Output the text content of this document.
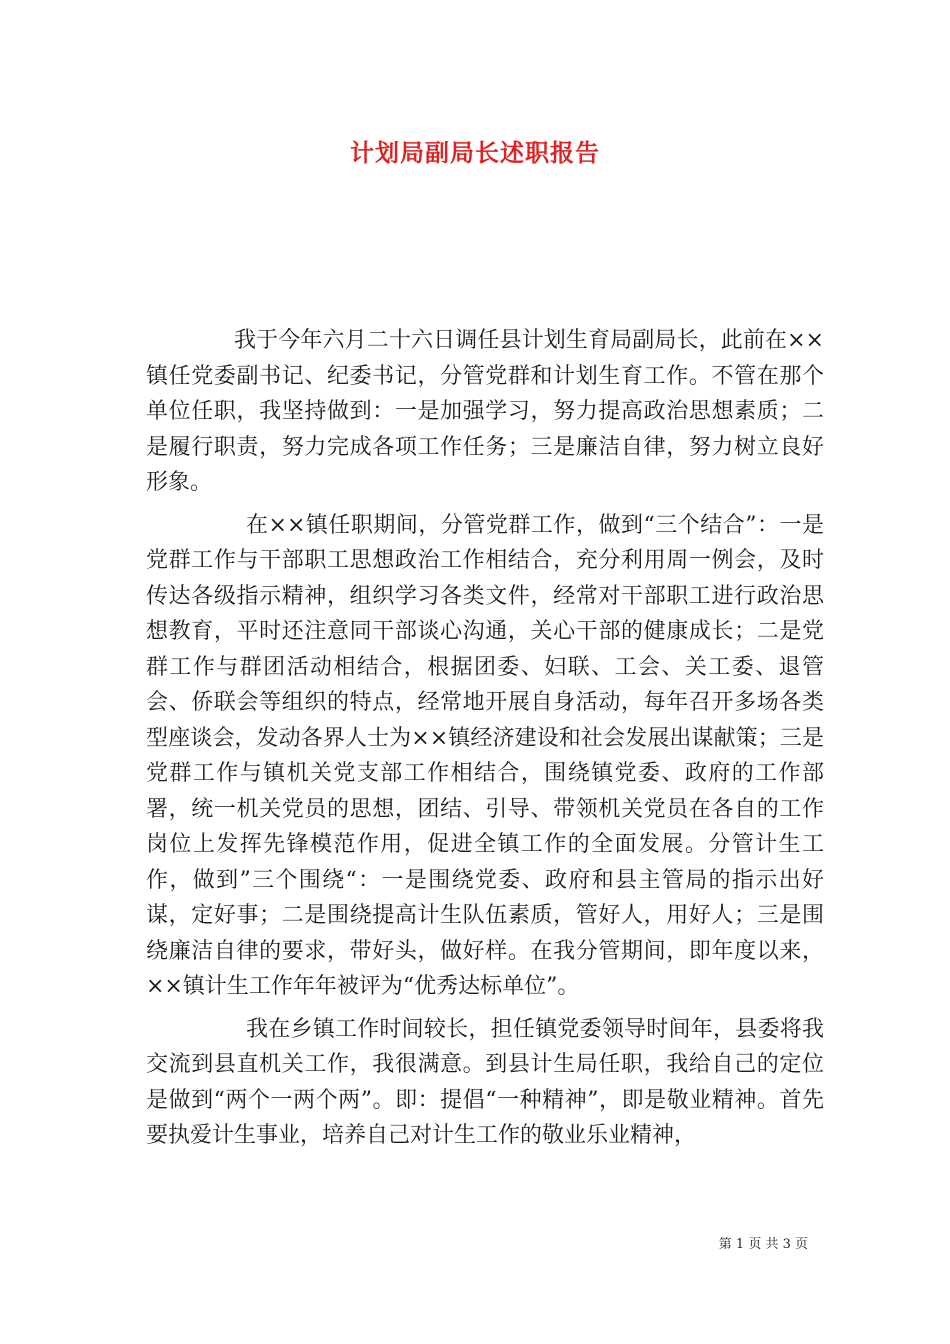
计划局副局长述职报告

我于今年六月二十六日调任县计划生育局副局长，此前在××镇任党委副书记、纪委书记，分管党群和计划生育工作。不管在那个单位任职，我坚持做到：一是加强学习，努力提高政治思想素质；二是履行职责，努力完成各项工作任务；三是廉洁自律，努力树立良好形象。

在××镇任职期间，分管党群工作，做到“三个结合”：一是党群工作与干部职工思想政治工作相结合，充分利用周一例会，及时传达各级指示精神，组织学习各类文件，经常对干部职工进行政治思想教育，平时还注意同干部谈心沟通，关心干部的健康成长；二是党群工作与群团活动相结合，根据团委、妇联、工会、关工委、退管会、侨联会等组织的特点，经常地开展自身活动，每年召开多场各类型座谈会，发动各界人士为××镇经济建设和社会发展出谋献策；三是党群工作与镇机关党支部工作相结合，围绕镇党委、政府的工作部署，统一机关党员的思想，团结、引导、带领机关党员在各自的工作岗位上发挥先锋模范作用，促进全镇工作的全面发展。分管计生工作，做到”三个围绕“：一是围绕党委、政府和县主管局的指示出好谋，定好事；二是围绕提高计生队伍素质，管好人，用好人；三是围绕廉洁自律的要求，带好头，做好样。在我分管期间，即年度以来，××镇计生工作年年被评为“优秀达标单位”。

我在乡镇工作时间较长，担任镇党委领导时间年，县委将我交流到县直机关工作，我很满意。到县计生局任职，我给自己的定位是做到“两个一两个两”。即：提倡“一种精神”，即是敬业精神。首先要执爱计生事业，培养自己对计生工作的敬业乐业精神，

第 1 页 共 3 页
